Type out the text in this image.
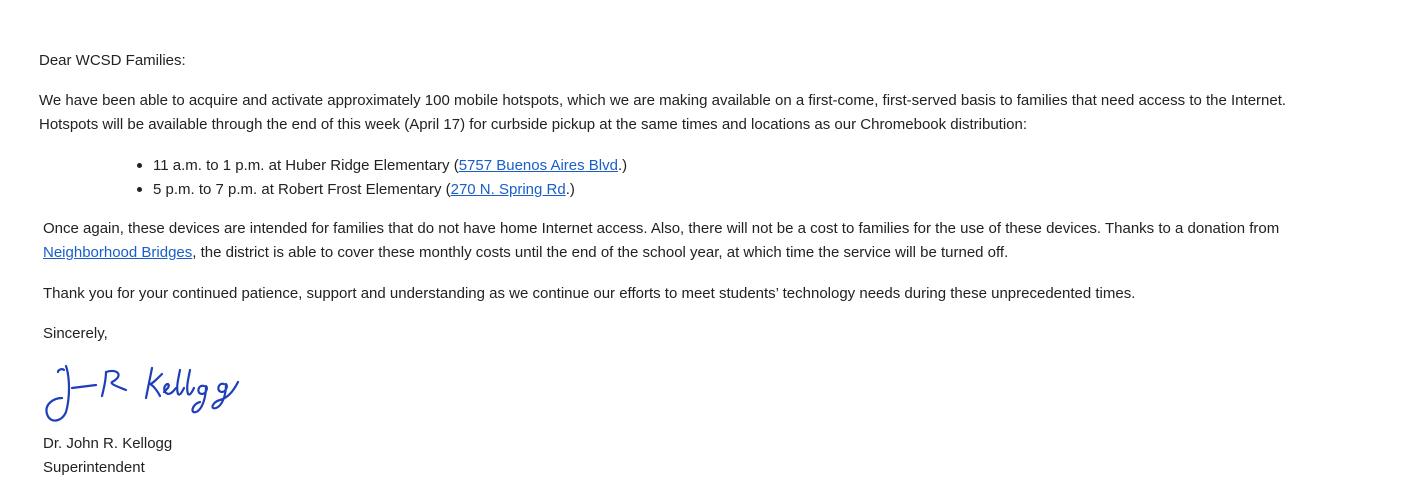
Dear WCSD Families:
We have been able to acquire and activate approximately 100 mobile hotspots, which we are making available on a first-come, first-served basis to families that need access to the Internet.
Hotspots will be available through the end of this week (April 17) for curbside pickup at the same times and locations as our Chromebook distribution:
11 a.m. to 1 p.m. at Huber Ridge Elementary (5757 Buenos Aires Blvd.)
5 p.m. to 7 p.m. at Robert Frost Elementary (270 N. Spring Rd.)
Once again, these devices are intended for families that do not have home Internet access. Also, there will not be a cost to families for the use of these devices. Thanks to a donation from
Neighborhood Bridges, the district is able to cover these monthly costs until the end of the school year, at which time the service will be turned off.
Thank you for your continued patience, support and understanding as we continue our efforts to meet students’ technology needs during these unprecedented times.
Sincerely,
Dr. John R. Kellogg
Superintendent
